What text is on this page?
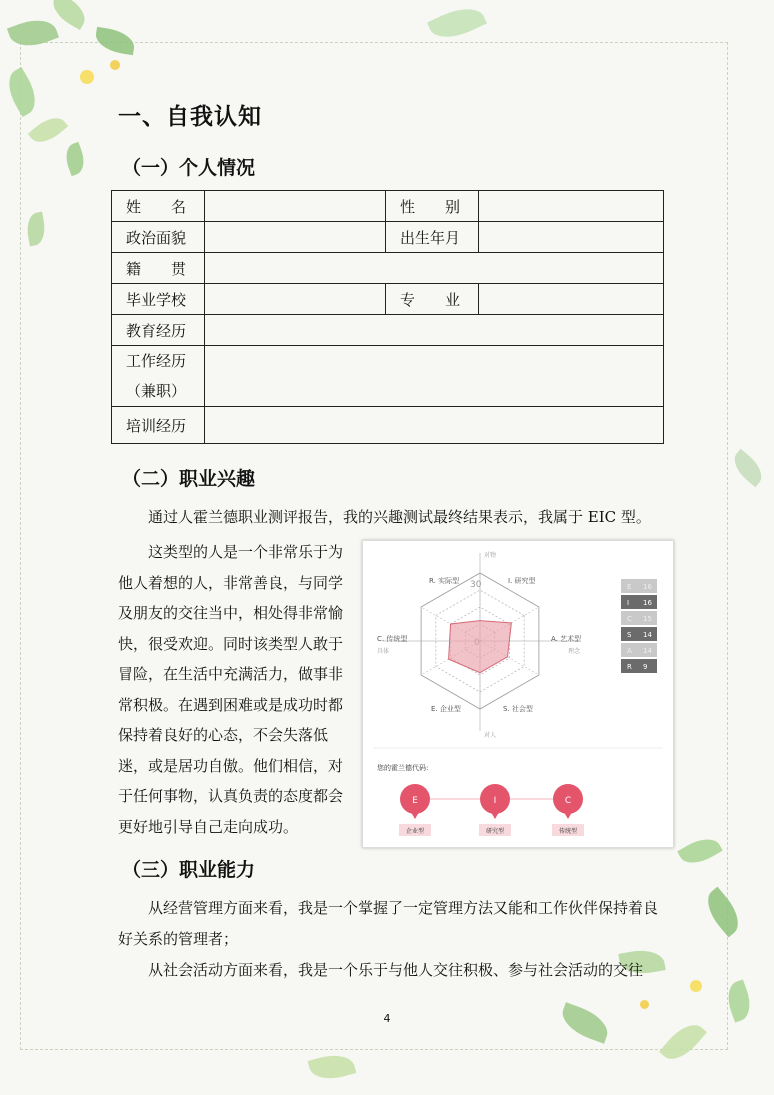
一、自我认知
（一）个人情况
姓　　名		性　　别	
政治面貌		出生年月	
籍　　贯			
毕业学校		专　　业	
教育经历			

工作经历
（兼职）			

培训经历			
（二）职业兴趣

通过人霍兰德职业测评报告，我的兴趣测试最终结果表示，我属于 EIC 型。

这类型的人是一个非常乐于为他人着想的人，非常善良，与同学及朋友的交往当中，相处得非常愉快，很受欢迎。同时该类型人敢于冒险，在生活中充满活力，做事非常积极。在遇到困难或是成功时都保持着良好的心态，不会失落低迷，或是居功自傲。他们相信，对于任何事物，认真负责的态度都会更好地引导自己走向成功。

对物
对人
具体	理念
30	I. 研究型
A. 艺术型
S. 社会型
E. 企业型
C. 传统型
R. 实际型
E 16
I 16
C 15
S 14
A 14
R 9
您的霍兰德代码:
E
企业型
I
研究型
C
传统型
（三）职业能力

从经营管理方面来看，我是一个掌握了一定管理方法又能和工作伙伴保持着良好关系的管理者；

从社会活动方面来看，我是一个乐于与他人交往积极、参与社会活动的交往

4
